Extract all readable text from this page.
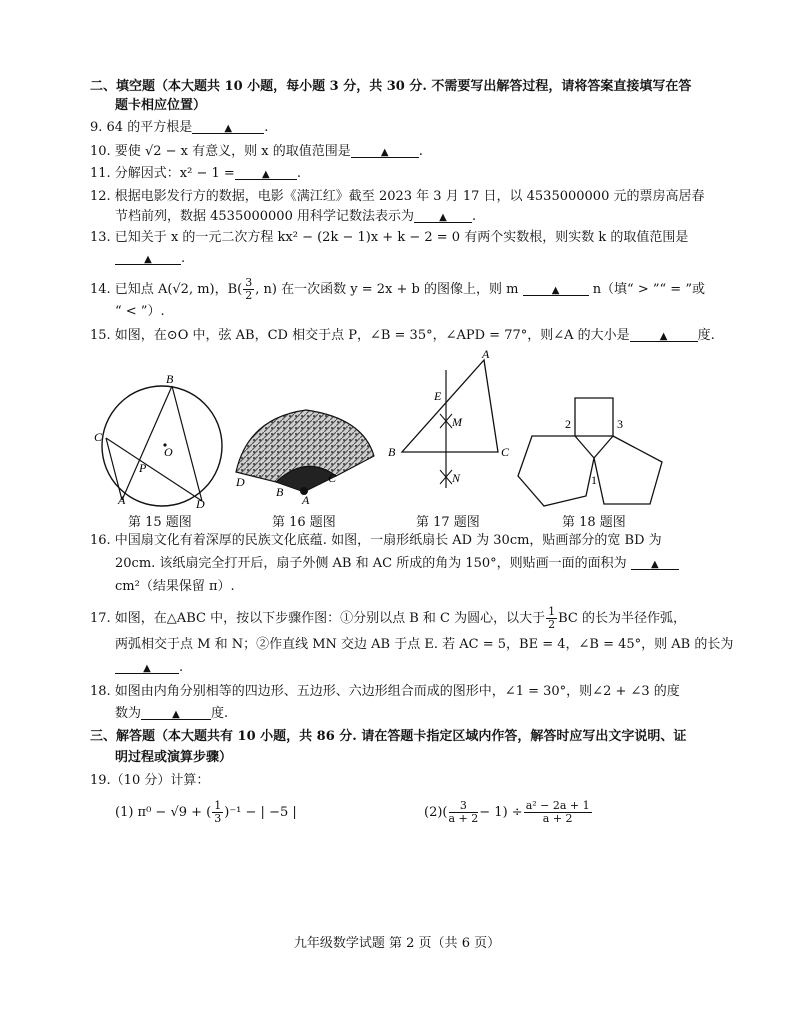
二、填空题（本大题共 10 小题，每小题 3 分，共 30 分. 不需要写出解答过程，请将答案直接填写在答
题卡相应位置）
9. 64 的平方根是	▲ .
10. 要使 √2 − x 有意义，则 x 的取值范围是	▲ .
11. 分解因式：x² − 1 =	▲ .
12. 根据电影发行方的数据，电影《满江红》截至 2023 年 3 月 17 日，以 4535000000 元的票房高居春
节档前列，数据 4535000000 用科学记数法表示为	▲ .
13. 已知关于 x 的一元二次方程 kx² − (2k − 1)x + k − 2 = 0 有两个实数根，则实数 k 的取值范围是
▲ .
14. 已知点 A(√2, m)，$B( \frac{3}{2}$ , n) 在一次函数 y = 2x + b 的图像上，则 m	▲	n（填“ > ”“ = ”或
“ < ”）.
15. 如图，在⊙O 中，弦 AB，CD 相交于点 P，∠B = 35°，∠APD = 77°，则∠A 的大小是	▲ 度.
B
C
O
P
A	D
第 15 题图
D
B
A
C
第 16 题图
A
E
M
B	C
N
第 17 题图
2	3
1
第 18 题图
16. 中国扇文化有着深厚的民族文化底蕴. 如图，一扇形纸扇长 AD 为 30cm，贴画部分的宽 BD 为
20cm. 该纸扇完全打开后，扇子外侧 AB 和 AC 所成的角为 150°，则贴画一面的面积为 ▲
cm²（结果保留 π）.
17. 如图，在△ABC 中，按以下步骤作图：①分别以点 B 和 C 为圆心，以大于 $\frac{1}{2}$ BC 的长为半径作弧，
两弧相交于点 M 和 N；②作直线 MN 交边 AB 于点 E. 若 AC = 5，BE = 4，∠B = 45°，则 AB 的长为
▲ .
18. 如图由内角分别相等的四边形、五边形、六边形组合而成的图形中，∠1 = 30°，则∠2 + ∠3 的度
数为	▲ 度.
三、解答题（本大题共有 10 小题，共 86 分. 请在答题卡指定区域内作答，解答时应写出文字说明、证
明过程或演算步骤）
19.（10 分）计算：
(1) π⁰ − √9 + ( $\frac{1}{3} )^{-1}$ − | −5 |	$(2)( \frac{3}{a + 2} - 1) \div \frac{\text{a² − 2a + 1}}{a + 2}$
九年级数学试题 第 2 页（共 6 页）
